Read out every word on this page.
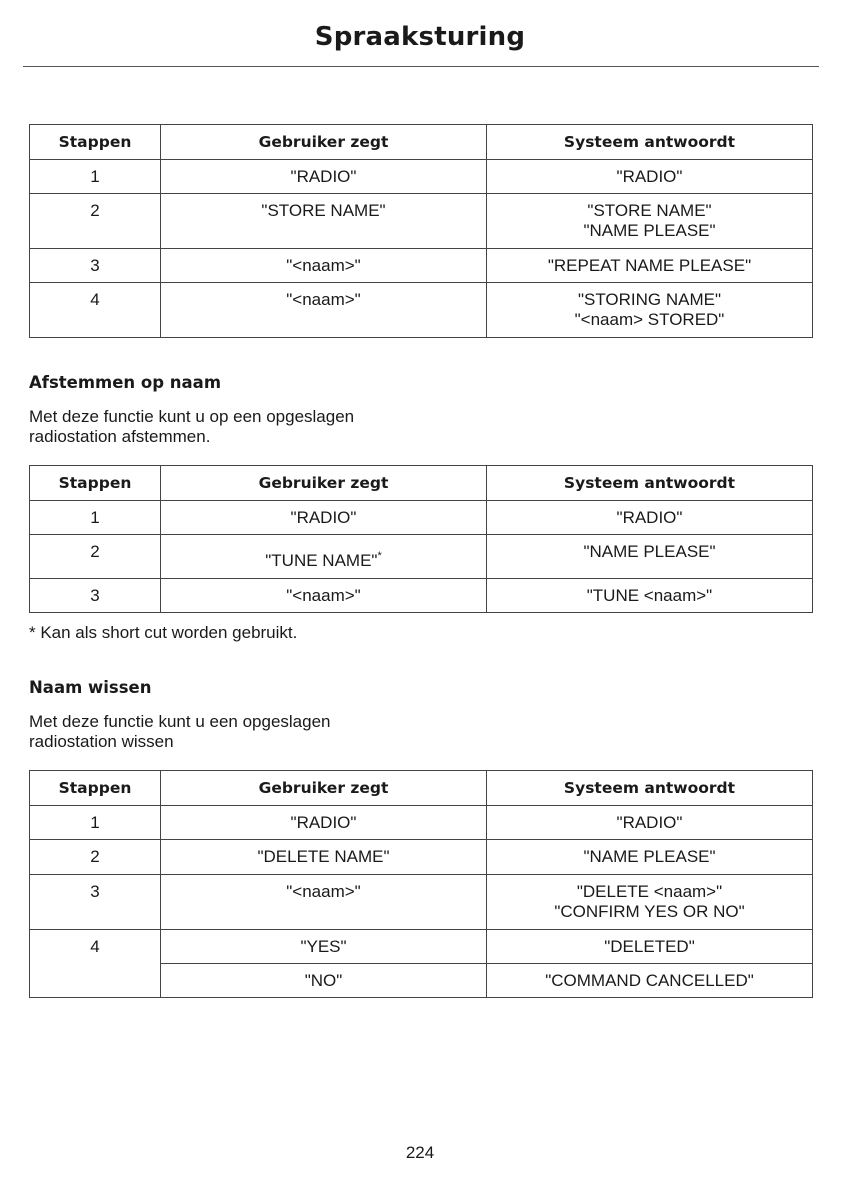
Spraaksturing
Stappen	Gebruiker zegt	Systeem antwoordt
1	"RADIO"	"RADIO"

2	"STORE NAME"	"STORE NAME"
"NAME PLEASE"

3	"<naam>"	"REPEAT NAME PLEASE"

4	"<naam>"	"STORING NAME"
"<naam> STORED"
Afstemmen op naam
Met deze functie kunt u op een opgeslagen
radiostation afstemmen.
Stappen	Gebruiker zegt	Systeem antwoordt
1	"RADIO"	"RADIO"
2	"TUNE NAME"*	"NAME PLEASE"
3	"<naam>"	"TUNE <naam>"
* Kan als short cut worden gebruikt.
Naam wissen
Met deze functie kunt u een opgeslagen
radiostation wissen
Stappen	Gebruiker zegt	Systeem antwoordt
1	"RADIO"	"RADIO"

2	"DELETE NAME"	"NAME PLEASE"

3	"<naam>"	"DELETE <naam>"
"CONFIRM YES OR NO"

4	"YES"	"DELETED"
	"NO"	"COMMAND CANCELLED"
224
